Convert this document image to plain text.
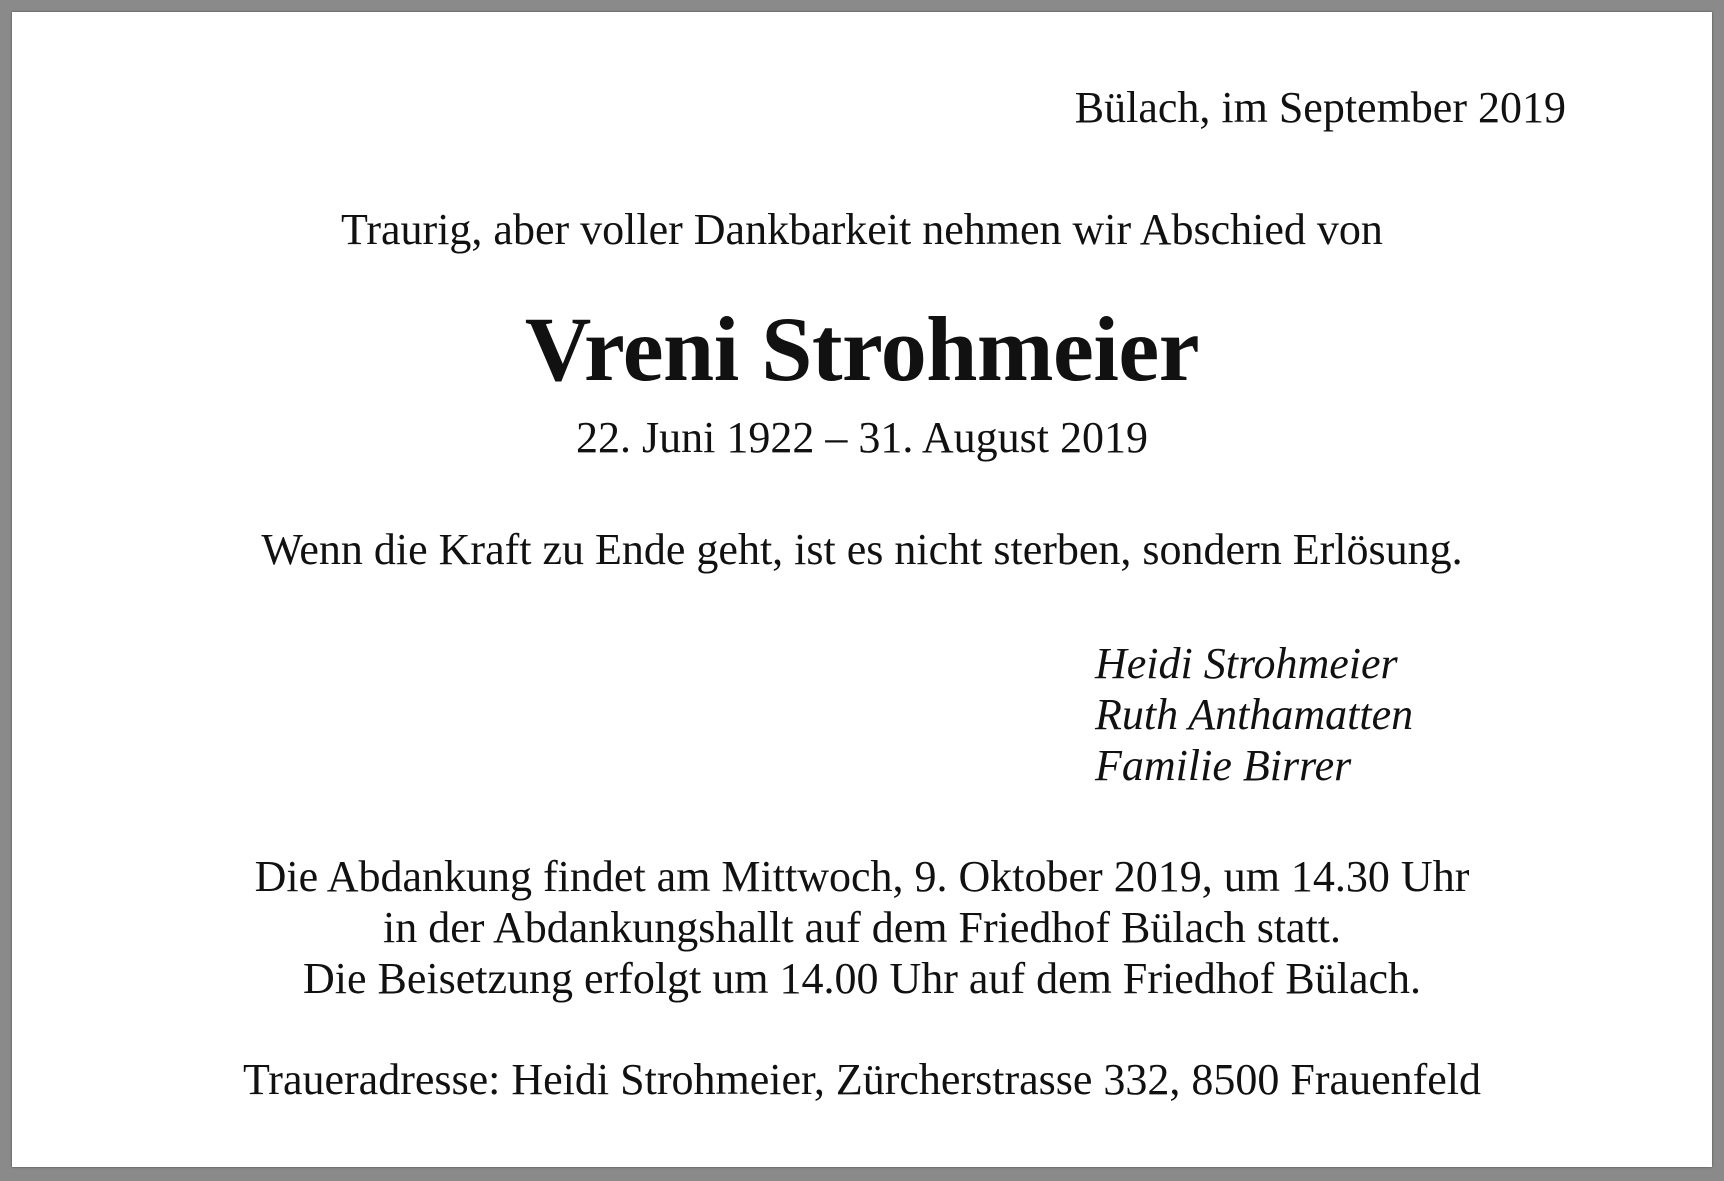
Bülach, im September 2019
Traurig, aber voller Dankbarkeit nehmen wir Abschied von
Vreni Strohmeier
22. Juni 1922 – 31. August 2019
Wenn die Kraft zu Ende geht, ist es nicht sterben, sondern Erlösung.
Heidi Strohmeier
Ruth Anthamatten
Familie Birrer
Die Abdankung findet am Mittwoch, 9. Oktober 2019, um 14.30 Uhr
in der Abdankungshallt auf dem Friedhof Bülach statt.
Die Beisetzung erfolgt um 14.00 Uhr auf dem Friedhof Bülach.
Traueradresse: Heidi Strohmeier, Zürcherstrasse 332, 8500 Frauenfeld
